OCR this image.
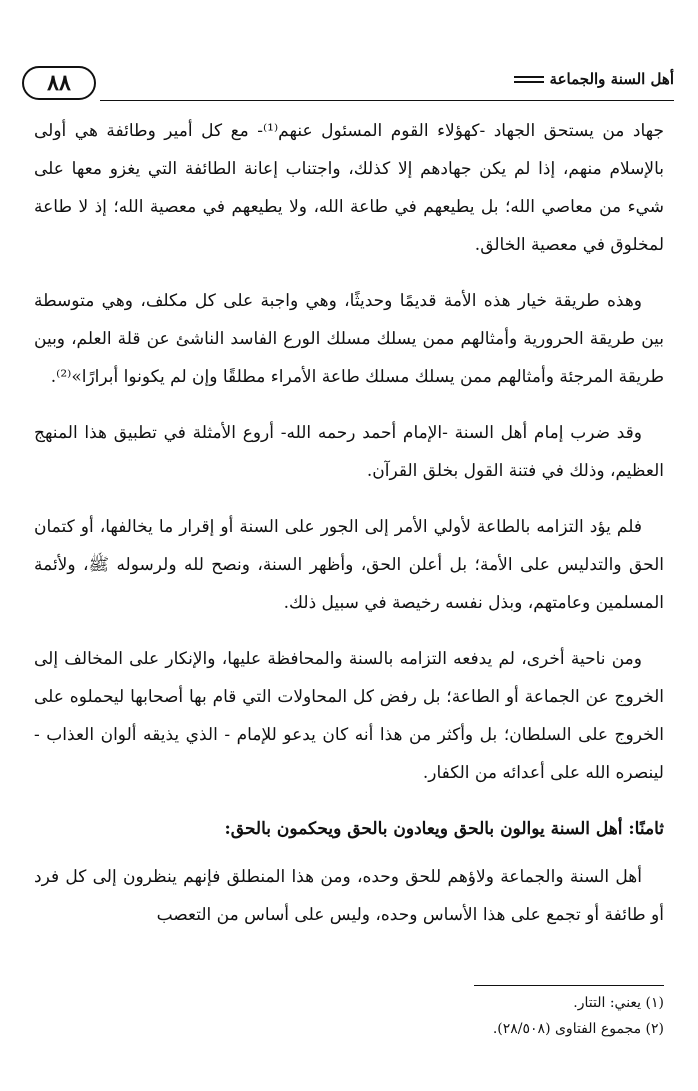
٨٨	أهل السنة والجماعة

جهاد من يستحق الجهاد -كهؤلاء القوم المسئول عنهم⁽¹⁾- مع كل أمير وطائفة هي أولى بالإسلام منهم، إذا لم يكن جهادهم إلا كذلك، واجتناب إعانة الطائفة التي يغزو معها على شيء من معاصي الله؛ بل يطيعهم في طاعة الله، ولا يطيعهم في معصية الله؛ إذ لا طاعة لمخلوق في معصية الخالق.

وهذه طريقة خيار هذه الأمة قديمًا وحديثًا، وهي واجبة على كل مكلف، وهي متوسطة بين طريقة الحرورية وأمثالهم ممن يسلك مسلك الورع الفاسد الناشئ عن قلة العلم، وبين طريقة المرجئة وأمثالهم ممن يسلك مسلك طاعة الأمراء مطلقًا وإن لم يكونوا أبرارًا»⁽²⁾.

وقد ضرب إمام أهل السنة -الإمام أحمد رحمه الله- أروع الأمثلة في تطبيق هذا المنهج العظيم، وذلك في فتنة القول بخلق القرآن.

فلم يؤد التزامه بالطاعة لأولي الأمر إلى الجور على السنة أو إقرار ما يخالفها، أو كتمان الحق والتدليس على الأمة؛ بل أعلن الحق، وأظهر السنة، ونصح لله ولرسوله ﷺ، ولأئمة المسلمين وعامتهم، وبذل نفسه رخيصة في سبيل ذلك.

ومن ناحية أخرى، لم يدفعه التزامه بالسنة والمحافظة عليها، والإنكار على المخالف إلى الخروج عن الجماعة أو الطاعة؛ بل رفض كل المحاولات التي قام بها أصحابها ليحملوه على الخروج على السلطان؛ بل وأكثر من هذا أنه كان يدعو للإمام - الذي يذيقه ألوان العذاب - لينصره الله على أعدائه من الكفار.

ثامنًا: أهل السنة يوالون بالحق ويعادون بالحق ويحكمون بالحق:

أهل السنة والجماعة ولاؤهم للحق وحده، ومن هذا المنطلق فإنهم ينظرون إلى كل فرد أو طائفة أو تجمع على هذا الأساس وحده، وليس على أساس من التعصب

(١) يعني: التتار.
(٢) مجموع الفتاوى (٢٨/٥٠٨).
